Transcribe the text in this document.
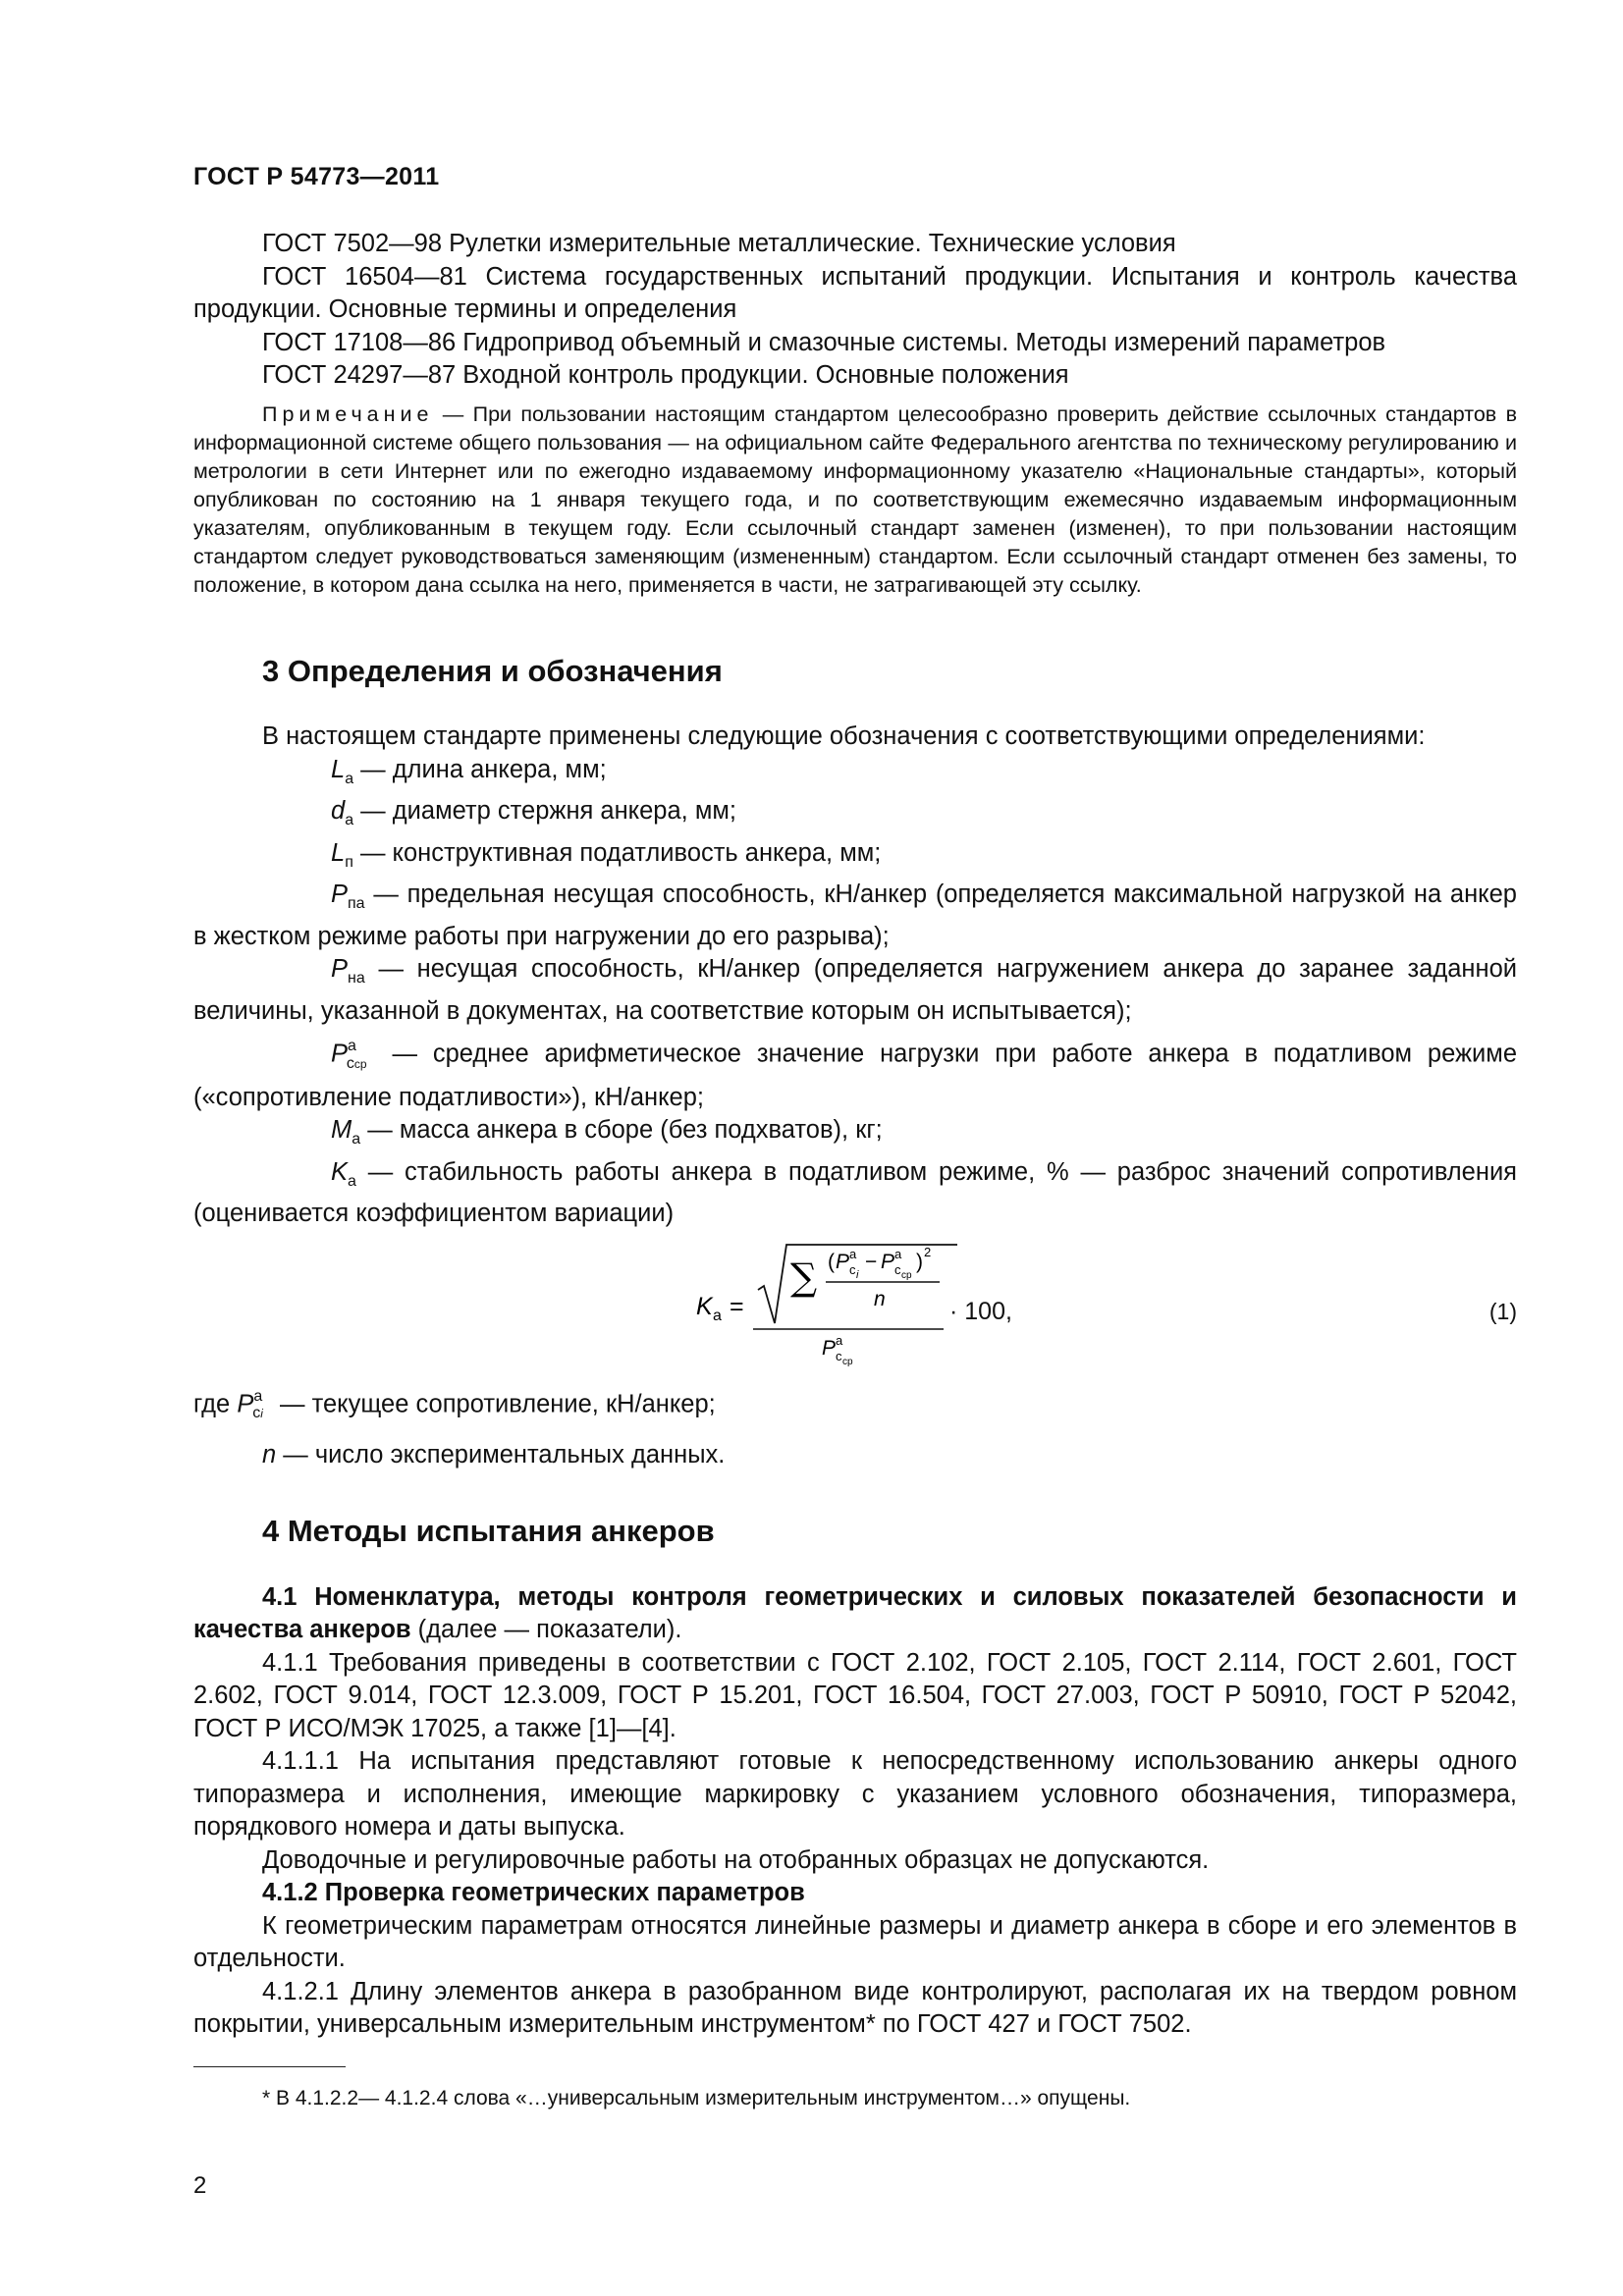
ГОСТ Р 54773—2011

ГОСТ 7502—98 Рулетки измерительные металлические. Технические условия

ГОСТ 16504—81 Система государственных испытаний продукции. Испытания и контроль качества продукции. Основные термины и определения

ГОСТ 17108—86 Гидропривод объемный и смазочные системы. Методы измерений параметров

ГОСТ 24297—87 Входной контроль продукции. Основные положения

Примечание — При пользовании настоящим стандартом целесообразно проверить действие ссылочных стандартов в информационной системе общего пользования — на официальном сайте Федерального агентства по техническому регулированию и метрологии в сети Интернет или по ежегодно издаваемому информационному указателю «Национальные стандарты», который опубликован по состоянию на 1 января текущего года, и по соответствующим ежемесячно издаваемым информационным указателям, опубликованным в текущем году. Если ссылочный стандарт заменен (изменен), то при пользовании настоящим стандартом следует руководствоваться заменяющим (измененным) стандартом. Если ссылочный стандарт отменен без замены, то положение, в котором дана ссылка на него, применяется в части, не затрагивающей эту ссылку.

3 Определения и обозначения

В настоящем стандарте применены следующие обозначения с соответствующими определениями:

$L_а$ — длина анкера, мм;

$d_а$ — диаметр стержня анкера, мм;

$L_п$ — конструктивная податливость анкера, мм;

$P_{па}$ — предельная несущая способность, кН/анкер (определяется максимальной нагрузкой на анкер в жестком режиме работы при нагружении до его разрыва);

$P_{на}$ — несущая способность, кН/анкер (определяется нагружением анкера до заранее заданной величины, указанной в документах, на соответствие которым он испытывается);

$P^а_{сср}$ — среднее арифметическое значение нагрузки при работе анкера в податливом режиме («сопротивление податливости»), кН/анкер;

$M_а$ — масса анкера в сборе (без подхватов), кг;

$K_а$ — стабильность работы анкера в податливом режиме, % — разброс значений сопротивления (оценивается коэффициентом вариации)

K а =
∑ ( P а
с i
− P а
с ср
) 2
n
P а
с ср
· 100,	(1)

где $P^а_{сi}$ — текущее сопротивление, кН/анкер;

n — число экспериментальных данных.

4 Методы испытания анкеров

4.1 Номенклатура, методы контроля геометрических и силовых показателей безопасности и качества анкеров (далее — показатели).

4.1.1 Требования приведены в соответствии с ГОСТ 2.102, ГОСТ 2.105, ГОСТ 2.114, ГОСТ 2.601, ГОСТ 2.602, ГОСТ 9.014, ГОСТ 12.3.009, ГОСТ Р 15.201, ГОСТ 16.504, ГОСТ 27.003, ГОСТ Р 50910, ГОСТ Р 52042, ГОСТ Р ИСО/МЭК 17025, а также [1]—[4].

4.1.1.1 На испытания представляют готовые к непосредственному использованию анкеры одного типоразмера и исполнения, имеющие маркировку с указанием условного обозначения, типоразмера, порядкового номера и даты выпуска.

Доводочные и регулировочные работы на отобранных образцах не допускаются.

4.1.2 Проверка геометрических параметров

К геометрическим параметрам относятся линейные размеры и диаметр анкера в сборе и его элементов в отдельности.

4.1.2.1 Длину элементов анкера в разобранном виде контролируют, располагая их на твердом ровном покрытии, универсальным измерительным инструментом* по ГОСТ 427 и ГОСТ 7502.

* В 4.1.2.2— 4.1.2.4 слова «…универсальным измерительным инструментом…» опущены.
2
